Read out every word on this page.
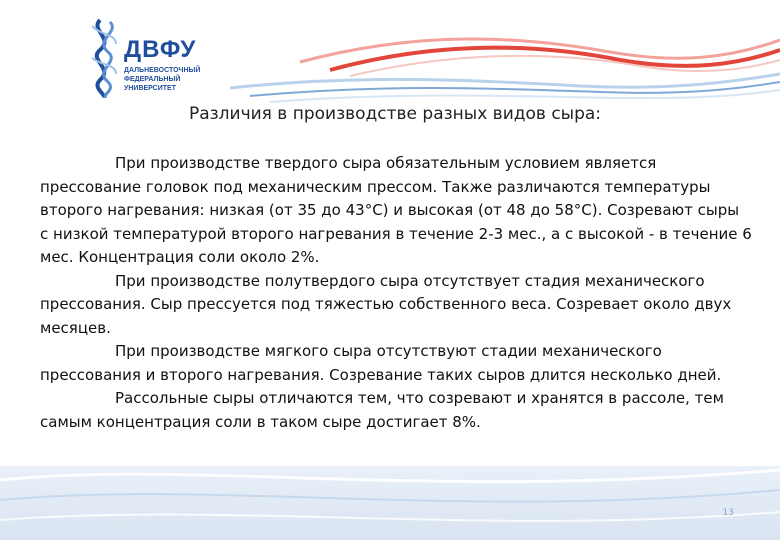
ДВФУ
ДАЛЬНЕВОСТОЧНЫЙ
ФЕДЕРАЛЬНЫЙ
УНИВЕРСИТЕТ
Различия в производстве разных видов сыра:

При производстве твердого сыра обязательным условием является прессование головок под механическим прессом. Также различаются температуры второго нагревания: низкая (от 35 до 43°С) и высокая (от 48 до 58°С). Созревают сыры с низкой температурой второго нагревания в течение 2-3 мес., а с высокой - в течение 6 мес. Концентрация соли около 2%.

При производстве полутвердого сыра отсутствует стадия механического прессования. Сыр прессуется под тяжестью собственного веса. Созревает около двух месяцев.

При производстве мягкого сыра отсутствуют стадии механического прессования и второго нагревания. Созревание таких сыров длится несколько дней.

Рассольные сыры отличаются тем, что созревают и хранятся в рассоле, тем самым концентрация соли в таком сыре достигает 8%.

13
